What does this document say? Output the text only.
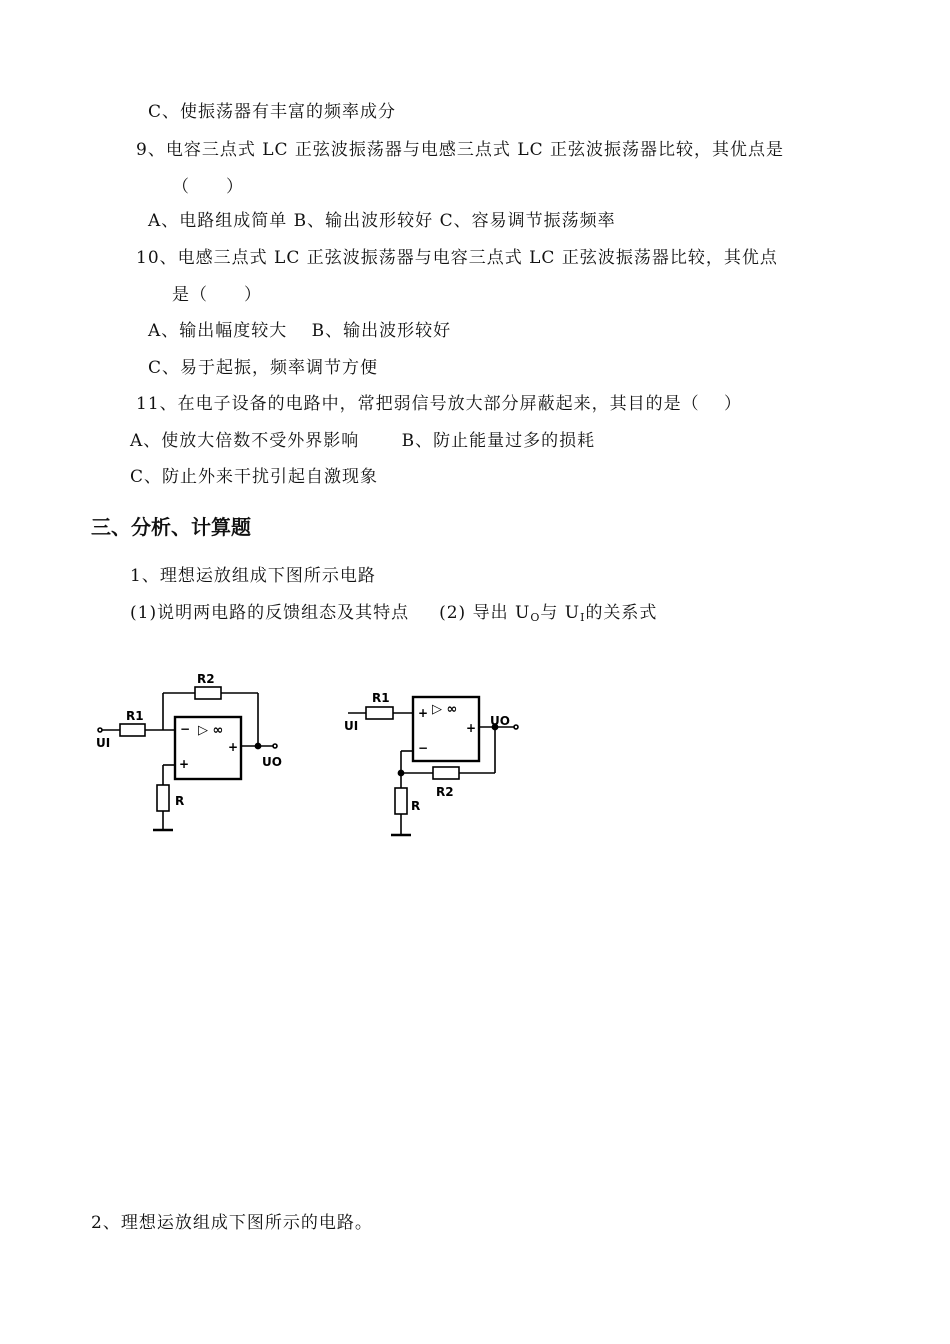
C、使振荡器有丰富的频率成分
9、电容三点式 LC 正弦波振荡器与电感三点式 LC 正弦波振荡器比较，其优点是
（　　）
A、电路组成简单 B、输出波形较好 C、容易调节振荡频率
10、电感三点式 LC 正弦波振荡器与电容三点式 LC 正弦波振荡器比较，其优点
是（　　）
A、输出幅度较大　 B、输出波形较好
C、易于起振，频率调节方便
11、在电子设备的电路中，常把弱信号放大部分屏蔽起来，其目的是（　 ）
A、使放大倍数不受外界影响　　 B、防止能量过多的损耗
C、防止外来干扰引起自激现象
三、分析、计算题
1、理想运放组成下图所示电路
(1)说明两电路的反馈组态及其特点 (2) 导出 $U_O$与 $U_I$的关系式
R2
R1
UI
UO
R
−
+
+
▷ ∞
R1
UI	UO
R2
R
+
−
+
▷ ∞
2、理想运放组成下图所示的电路。
